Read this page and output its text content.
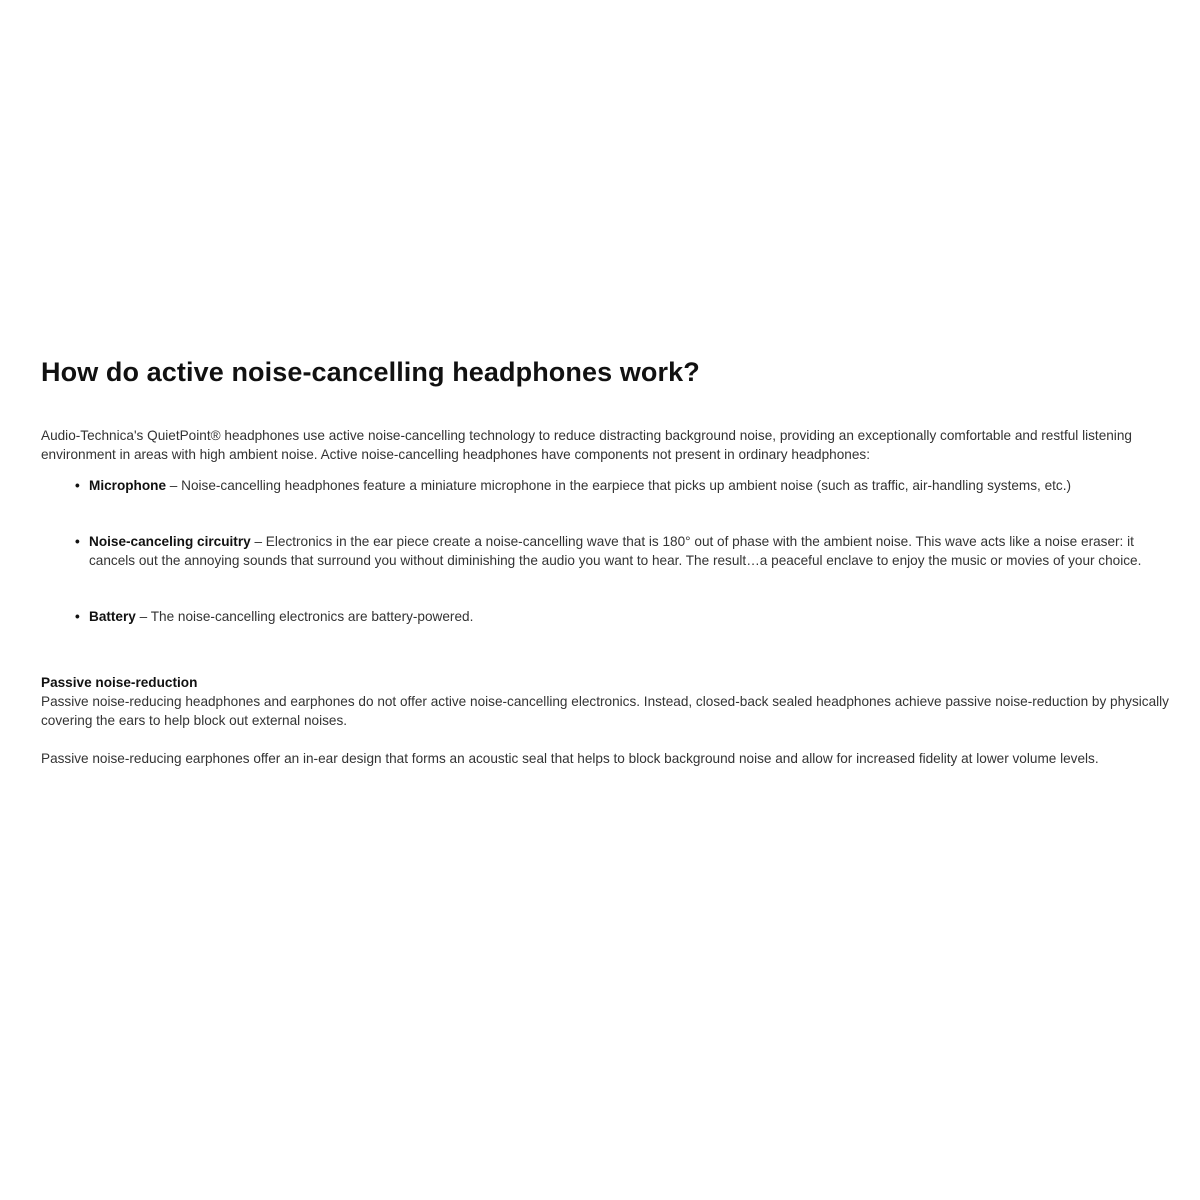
How do active noise-cancelling headphones work?

Audio-Technica's QuietPoint® headphones use active noise-cancelling technology to reduce distracting background noise, providing an exceptionally comfortable and restful listening environment in areas with high ambient noise. Active noise-cancelling headphones have components not present in ordinary headphones:

• Microphone – Noise-cancelling headphones feature a miniature microphone in the earpiece that picks up ambient noise (such as traffic, air-handling systems, etc.)
• Noise-canceling circuitry – Electronics in the ear piece create a noise-cancelling wave that is 180° out of phase with the ambient noise. This wave acts like a noise eraser: it cancels out the annoying sounds that surround you without diminishing the audio you want to hear. The result…a peaceful enclave to enjoy the music or movies of your choice.
• Battery – The noise-cancelling electronics are battery-powered.
Passive noise-reduction

Passive noise-reducing headphones and earphones do not offer active noise-cancelling electronics. Instead, closed-back sealed headphones achieve passive noise-reduction by physically covering the ears to help block out external noises.

Passive noise-reducing earphones offer an in-ear design that forms an acoustic seal that helps to block background noise and allow for increased fidelity at lower volume levels.
